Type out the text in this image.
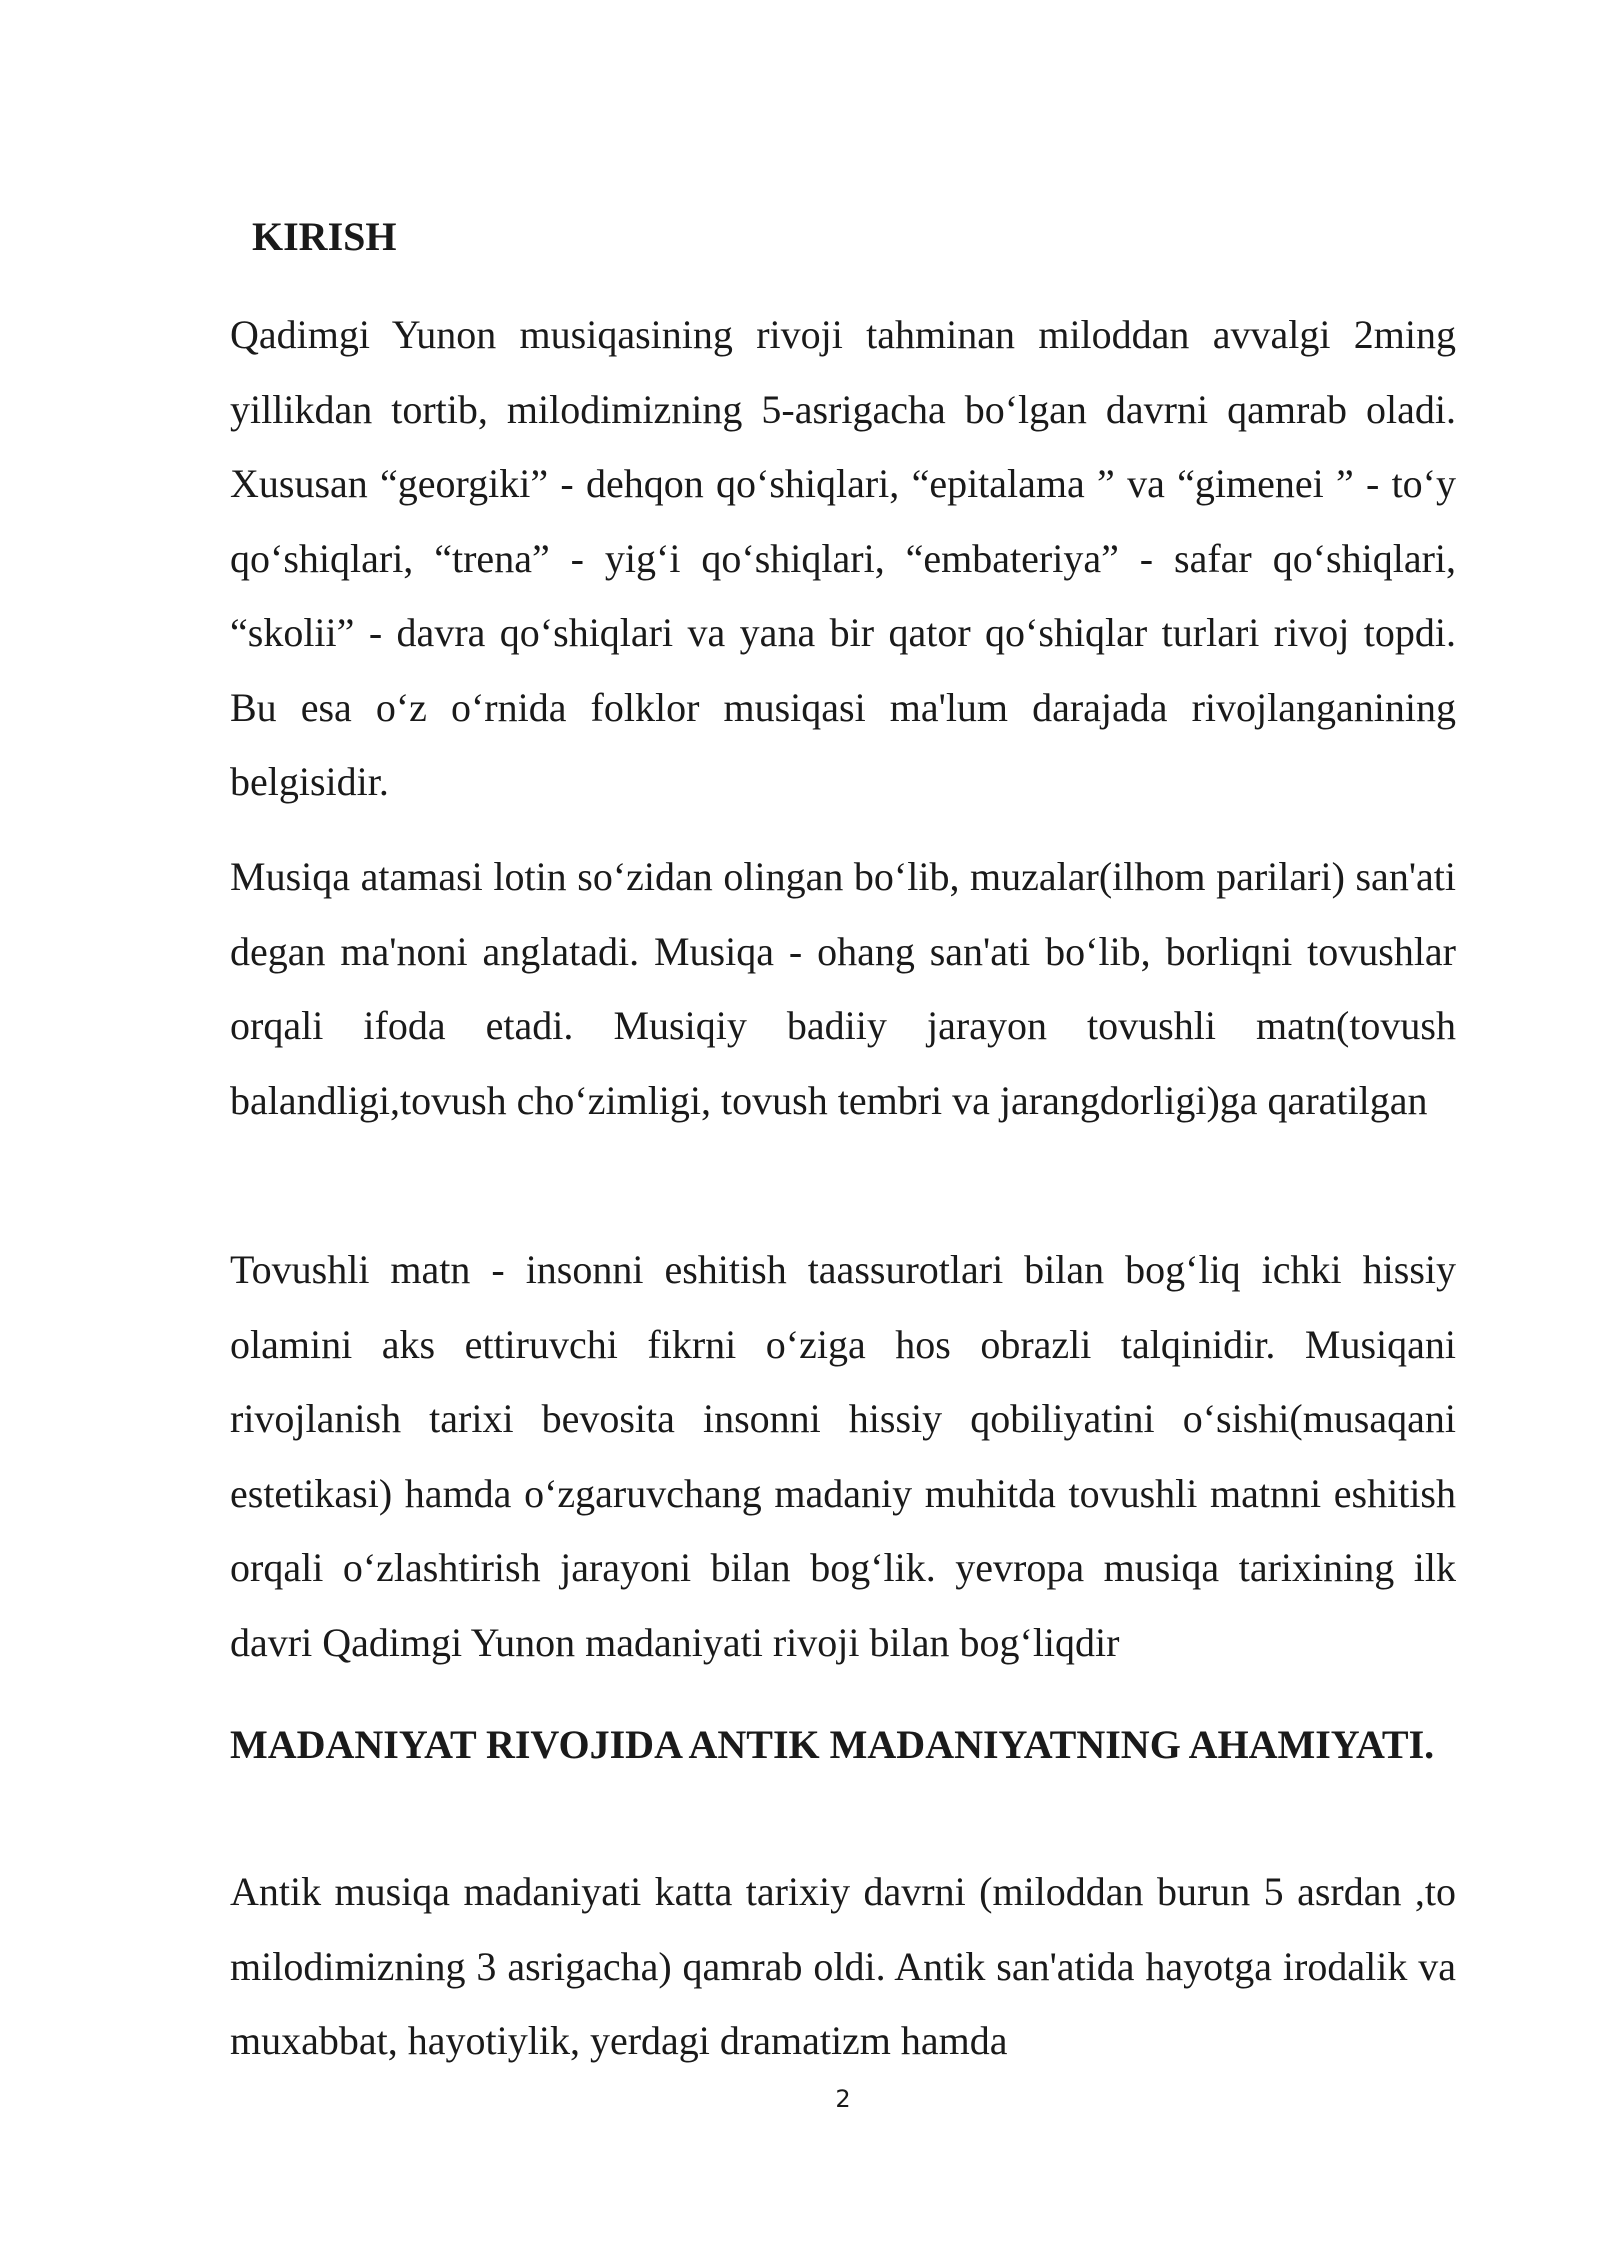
KIRISH

Qadimgi Yunon musiqasining rivoji tahminan miloddan avvalgi 2ming yillikdan tortib, milodimizning 5-asrigacha bo‘lgan davrni qamrab oladi. Xususan “georgiki” - dehqon qo‘shiqlari, “epitalama ” va “gimenei ” - to‘y qo‘shiqlari, “trena” - yig‘i qo‘shiqlari, “embateriya” - safar qo‘shiqlari, “skolii” - davra qo‘shiqlari va yana bir qator qo‘shiqlar turlari rivoj topdi. Bu esa o‘z o‘rnida folklor musiqasi ma'lum darajada rivojlanganining belgisidir.

Musiqa atamasi lotin so‘zidan olingan bo‘lib, muzalar(ilhom parilari) san'ati degan ma'noni anglatadi. Musiqa - ohang san'ati bo‘lib, borliqni tovushlar orqali ifoda etadi. Musiqiy badiiy jarayon tovushli matn(tovush balandligi,tovush cho‘zimligi, tovush tembri va jarangdorligi)ga qaratilgan

Tovushli matn - insonni eshitish taassurotlari bilan bog‘liq ichki hissiy olamini aks ettiruvchi fikrni o‘ziga hos obrazli talqinidir. Musiqani rivojlanish tarixi bevosita insonni hissiy qobiliyatini o‘sishi(musaqani estetikasi) hamda o‘zgaruvchang madaniy muhitda tovushli matnni eshitish orqali o‘zlashtirish jarayoni bilan bog‘lik. yevropa musiqa tarixining ilk davri Qadimgi Yunon madaniyati rivoji bilan bog‘liqdir

MADANIYAT RIVOJIDA ANTIK MADANIYATNING AHAMIYATI.

Antik musiqa madaniyati katta tarixiy davrni (miloddan burun 5 asrdan ,to milodimizning 3 asrigacha) qamrab oldi. Antik san'atida hayotga irodalik va muxabbat, hayotiylik, yerdagi dramatizm hamda

2
